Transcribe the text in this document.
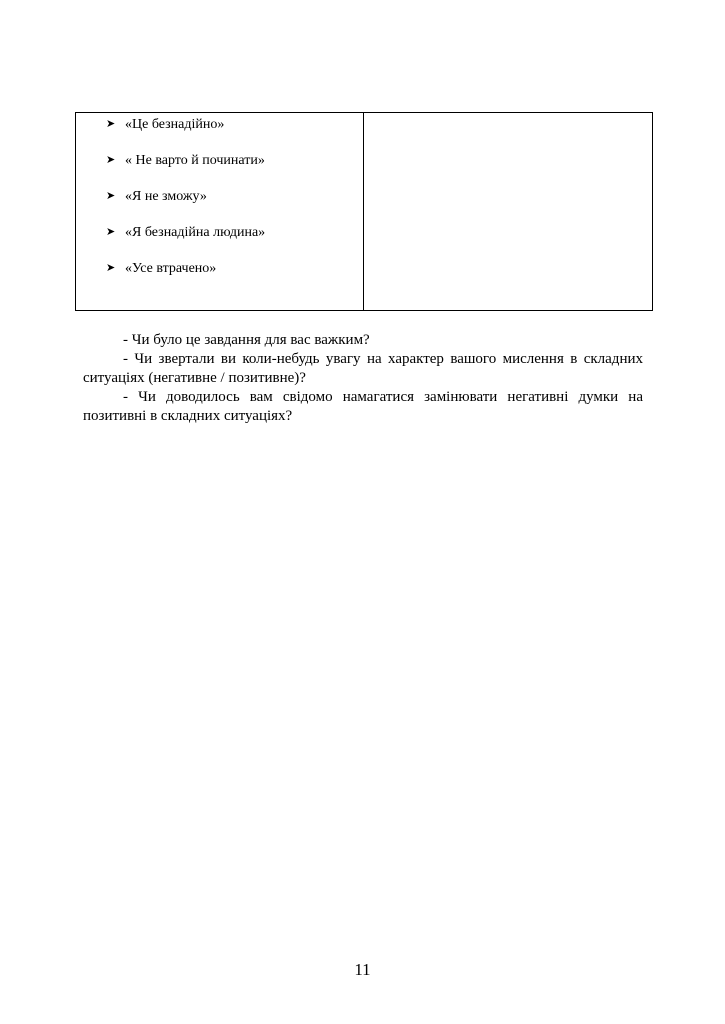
➤ «Це безнадійно»
➤ « Не варто й починати»
➤ «Я не зможу»
➤ «Я безнадійна людина»
➤ «Усе втрачено»

- Чи було це завдання для вас важким?

- Чи звертали ви коли-небудь увагу на характер вашого мислення в складних ситуаціях (негативне / позитивне)?

- Чи доводилось вам свідомо намагатися замінювати негативні думки на позитивні в складних ситуаціях?

11
